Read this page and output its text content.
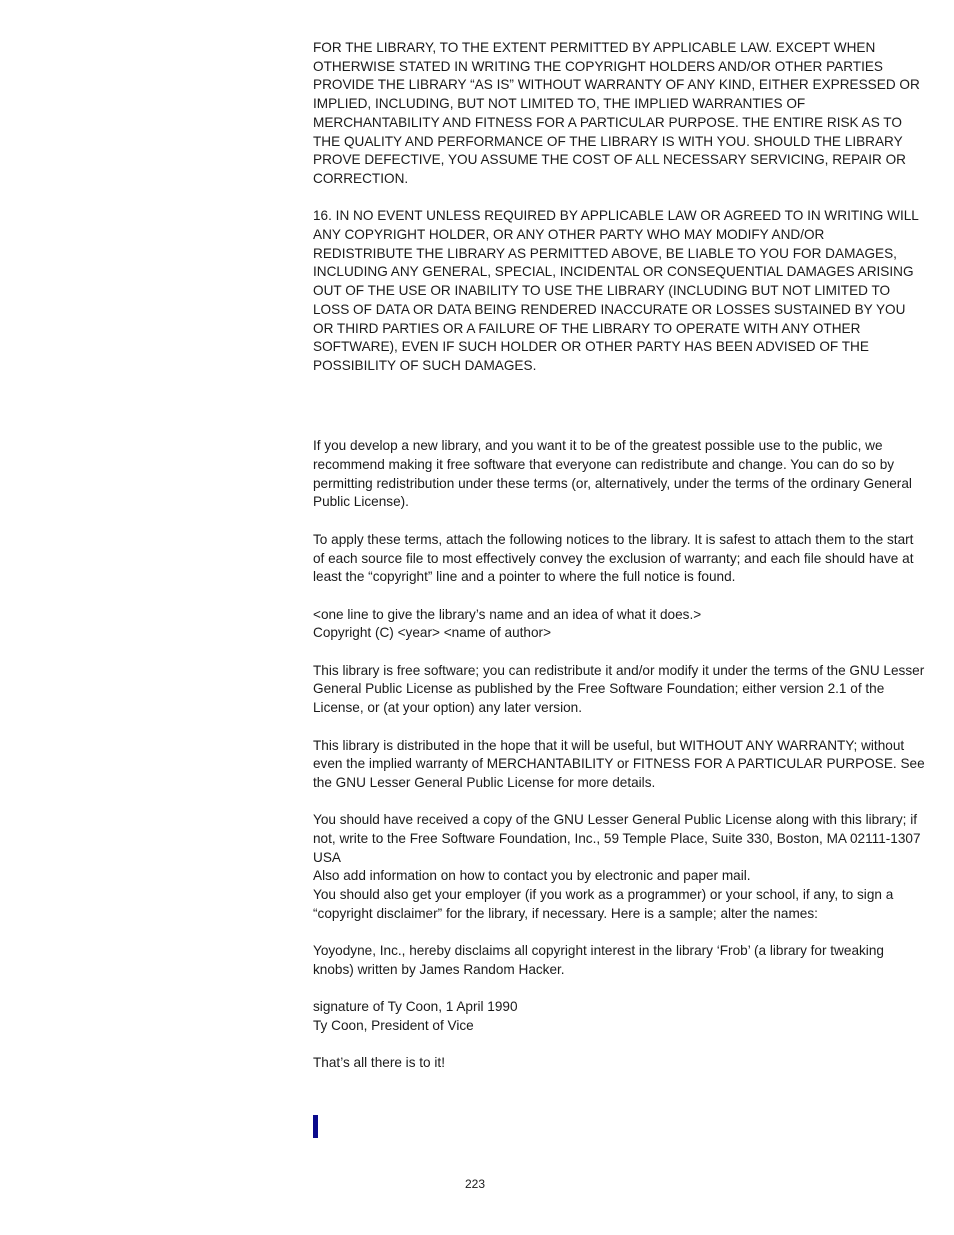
FOR THE LIBRARY, TO THE EXTENT PERMITTED BY APPLICABLE LAW. EXCEPT WHEN OTHERWISE STATED IN WRITING THE COPYRIGHT HOLDERS AND/OR OTHER PARTIES PROVIDE THE LIBRARY “AS IS” WITHOUT WARRANTY OF ANY KIND, EITHER EXPRESSED OR IMPLIED, INCLUDING, BUT NOT LIMITED TO, THE IMPLIED WARRANTIES OF MERCHANTABILITY AND FITNESS FOR A PARTICULAR PURPOSE. THE ENTIRE RISK AS TO THE QUALITY AND PERFORMANCE OF THE LIBRARY IS WITH YOU. SHOULD THE LIBRARY PROVE DEFECTIVE, YOU ASSUME THE COST OF ALL NECESSARY SERVICING, REPAIR OR CORRECTION.

16. IN NO EVENT UNLESS REQUIRED BY APPLICABLE LAW OR AGREED TO IN WRITING WILL ANY COPYRIGHT HOLDER, OR ANY OTHER PARTY WHO MAY MODIFY AND/OR REDISTRIBUTE THE LIBRARY AS PERMITTED ABOVE, BE LIABLE TO YOU FOR DAMAGES, INCLUDING ANY GENERAL, SPECIAL, INCIDENTAL OR CONSEQUENTIAL DAMAGES ARISING OUT OF THE USE OR INABILITY TO USE THE LIBRARY (INCLUDING BUT NOT LIMITED TO LOSS OF DATA OR DATA BEING RENDERED INACCURATE OR LOSSES SUSTAINED BY YOU OR THIRD PARTIES OR A FAILURE OF THE LIBRARY TO OPERATE WITH ANY OTHER SOFTWARE), EVEN IF SUCH HOLDER OR OTHER PARTY HAS BEEN ADVISED OF THE POSSIBILITY OF SUCH DAMAGES.

If you develop a new library, and you want it to be of the greatest possible use to the public, we recommend making it free software that everyone can redistribute and change. You can do so by permitting redistribution under these terms (or, alternatively, under the terms of the ordinary General Public License).

To apply these terms, attach the following notices to the library. It is safest to attach them to the start of each source file to most effectively convey the exclusion of warranty; and each file should have at least the “copyright” line and a pointer to where the full notice is found.

<one line to give the library’s name and an idea of what it does.>
Copyright (C) <year> <name of author>

This library is free software; you can redistribute it and/or modify it under the terms of the GNU Lesser General Public License as published by the Free Software Foundation; either version 2.1 of the License, or (at your option) any later version.

This library is distributed in the hope that it will be useful, but WITHOUT ANY WARRANTY; without even the implied warranty of MERCHANTABILITY or FITNESS FOR A PARTICULAR PURPOSE. See the GNU Lesser General Public License for more details.

You should have received a copy of the GNU Lesser General Public License along with this library; if not, write to the Free Software Foundation, Inc., 59 Temple Place, Suite 330, Boston, MA 02111-1307 USA
Also add information on how to contact you by electronic and paper mail.
You should also get your employer (if you work as a programmer) or your school, if any, to sign a “copyright disclaimer” for the library, if necessary. Here is a sample; alter the names:

Yoyodyne, Inc., hereby disclaims all copyright interest in the library ‘Frob’ (a library for tweaking knobs) written by James Random Hacker.

signature of Ty Coon, 1 April 1990
Ty Coon, President of Vice

That’s all there is to it!

223
